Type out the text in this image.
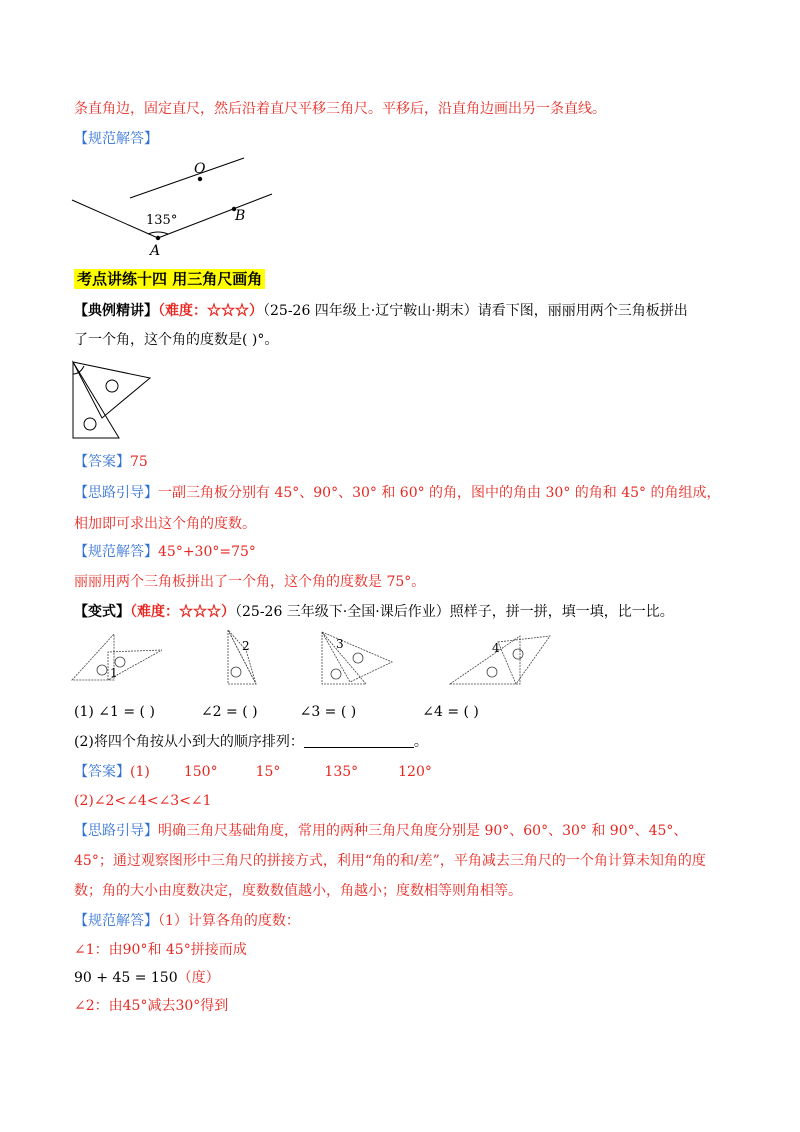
条直角边，固定直尺，然后沿着直尺平移三角尺。平移后，沿直角边画出另一条直线。
【规范解答】
O
B
A
135°
考点讲练十四 用三角尺画角
【典例精讲】（难度：☆☆☆）（25-26 四年级上·辽宁鞍山·期末）请看下图，丽丽用两个三角板拼出
了一个角，这个角的度数是( )°。
【答案】75
【思路引导】一副三角板分别有 45°、90°、30° 和 60° 的角，图中的角由 30° 的角和 45° 的角组成，
相加即可求出这个角的度数。
【规范解答】45°+30°=75°
丽丽用两个三角板拼出了一个角，这个角的度数是 75°。
【变式】（难度：☆☆☆）（25-26 三年级下·全国·课后作业）照样子，拼一拼，填一填，比一比。
1
2	3	4
(1) ∠1 = ( )	∠2 = ( )	∠3 = ( )	∠4 = ( )
(2)将四个角按从小到大的顺序排列：	。
【答案】(1) 150°	15°	135°	120°
(2)∠2<∠4<∠3<∠1
【思路引导】明确三角尺基础角度，常用的两种三角尺角度分别是 90°、60°、30° 和 90°、45°、
45°；通过观察图形中三角尺的拼接方式，利用“角的和/差”，平角减去三角尺的一个角计算未知角的度
数；角的大小由度数决定，度数数值越小，角越小；度数相等则角相等。
【规范解答】（1）计算各角的度数：
∠1：由90°和 45°拼接而成
90 + 45 = 150（度）
∠2：由45°减去30°得到
